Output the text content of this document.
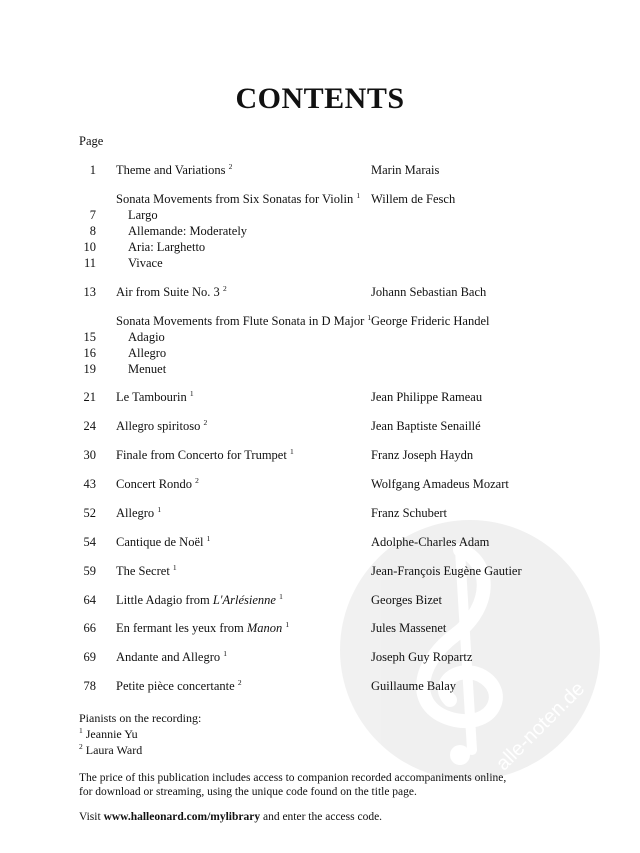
alle-noten.de
CONTENTS
Page
1 Theme and Variations $^2$	Marin Marais
Sonata Movements from Six Sonatas for Violin $^1$ Willem de Fesch
7	Largo
8	Allemande: Moderately
10	Aria: Larghetto
11	Vivace
13 Air from Suite No. 3 $^2$	Johann Sebastian Bach
Sonata Movements from Flute Sonata in D Major $^1$ George Frideric Handel
15	Adagio
16	Allegro
19	Menuet
21 Le Tambourin $^1$	Jean Philippe Rameau
24 Allegro spiritoso $^2$	Jean Baptiste Senaillé
30 Finale from Concerto for Trumpet $^1$	Franz Joseph Haydn
43 Concert Rondo $^2$	Wolfgang Amadeus Mozart
52 Allegro $^1$	Franz Schubert
54 Cantique de Noël $^1$	Adolphe-Charles Adam
59 The Secret $^1$	Jean-François Eugène Gautier
64 Little Adagio from L'Arlésienne $^1$	Georges Bizet
66 En fermant les yeux from Manon $^1$	Jules Massenet
69 Andante and Allegro $^1$	Joseph Guy Ropartz
78 Petite pièce concertante $^2$	Guillaume Balay
Pianists on the recording:
$^1$ Jeannie Yu
$^2$ Laura Ward
The price of this publication includes access to companion recorded accompaniments online,
for download or streaming, using the unique code found on the title page.
Visit www.halleonard.com/mylibrary and enter the access code.
